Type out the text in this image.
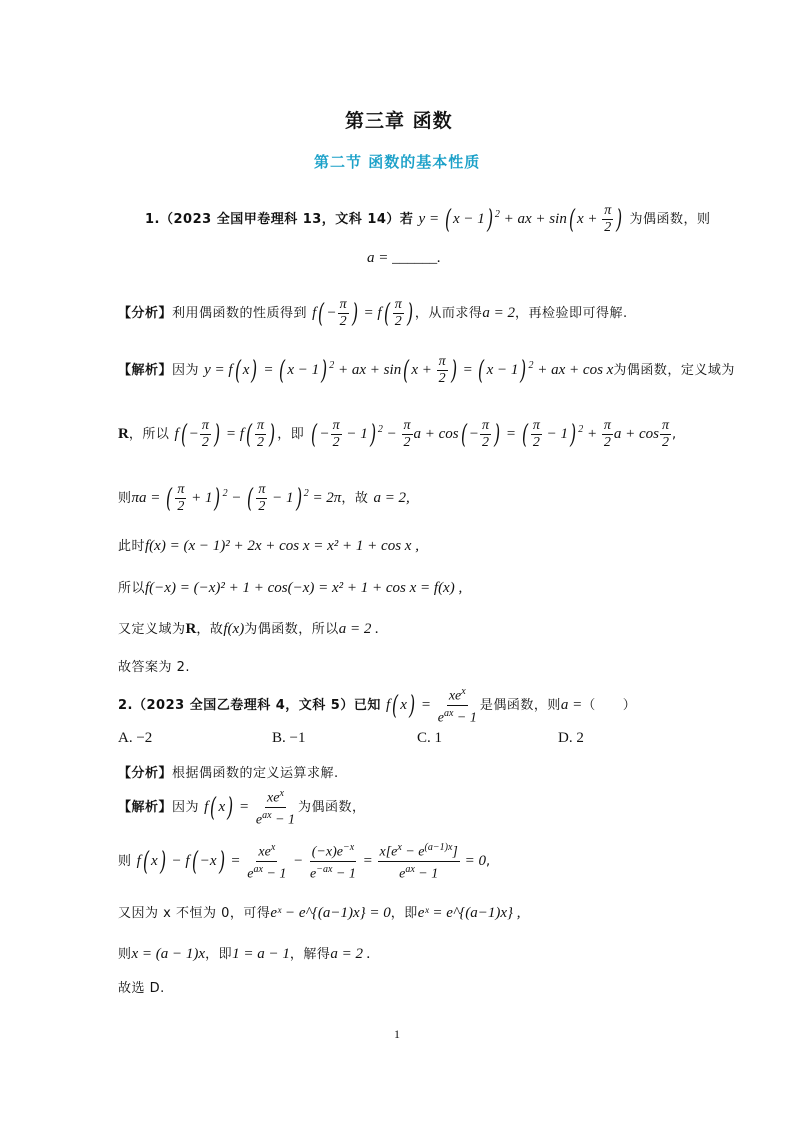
第三章 函数
第二节 函数的基本性质
1.（2023 全国甲卷理科 13，文科 14）若 y = ( x − 1) $^2$ + ax + sin( $x + \frac{\pi}{2}$ ) 为偶函数，则
a = ______.
【分析】利用偶函数的性质得到 $f( - \frac{\pi}{2}$ ) = $f( \frac{\pi}{2}$ ) ，从而求得a = 2，再检验即可得解.
【解析】因为 y = f( x) = ( x − 1) $^2$ + ax + sin( $x + \frac{\pi}{2}$ ) = ( x − 1) $^2$ + ax + cos x为偶函数，定义域为
R，所以 $f( - \frac{\pi}{2}$ ) = $f( \frac{\pi}{2}$ ) ，即 ( − $\frac{\pi}{2} - 1$) $^2 - \frac{\pi}{2}$ $a + \cos( - \frac{\pi}{2}$ ) = ( $\frac{\pi}{2} - 1$) $^2 + \frac{\pi}{2}$ $a + \cos \frac{\pi}{2}$ ,
则πa = ( $\frac{\pi}{2} + 1$) $^2$ − ( $\frac{\pi}{2} - 1$) $^2$ = 2π，故 a = 2,
此时f(x) = (x − 1)² + 2x + cos x = x² + 1 + cos x ,
所以f(−x) = (−x)² + 1 + cos(−x) = x² + 1 + cos x = f(x) ,
又定义域为R，故f(x)为偶函数，所以a = 2 .
故答案为 2.
2.（2023 全国乙卷理科 4，文科 5）已知 f( $x) = \frac{xe^x}{e^{ax} - 1}$ 是偶函数，则a =（　　）
A. −2	B. −1	C. 1	D. 2
【分析】根据偶函数的定义运算求解.
【解析】因为 f( $x) = \frac{xe^x}{e^{ax} - 1}$ 为偶函数，
则 f( $x) - f( -x) = \frac{xe^x}{e^{ax} - 1} - \frac{(-x)e^{-x}}{e^{-ax} - 1} = \frac{x[e^x - e^{(a-1)x}]}{e^{ax} - 1} = 0$,
又因为 x 不恒为 0，可得eˣ − e^{(a−1)x} = 0，即eˣ = e^{(a−1)x} ,
则x = (a − 1)x，即1 = a − 1，解得a = 2 .
故选 D.
1
